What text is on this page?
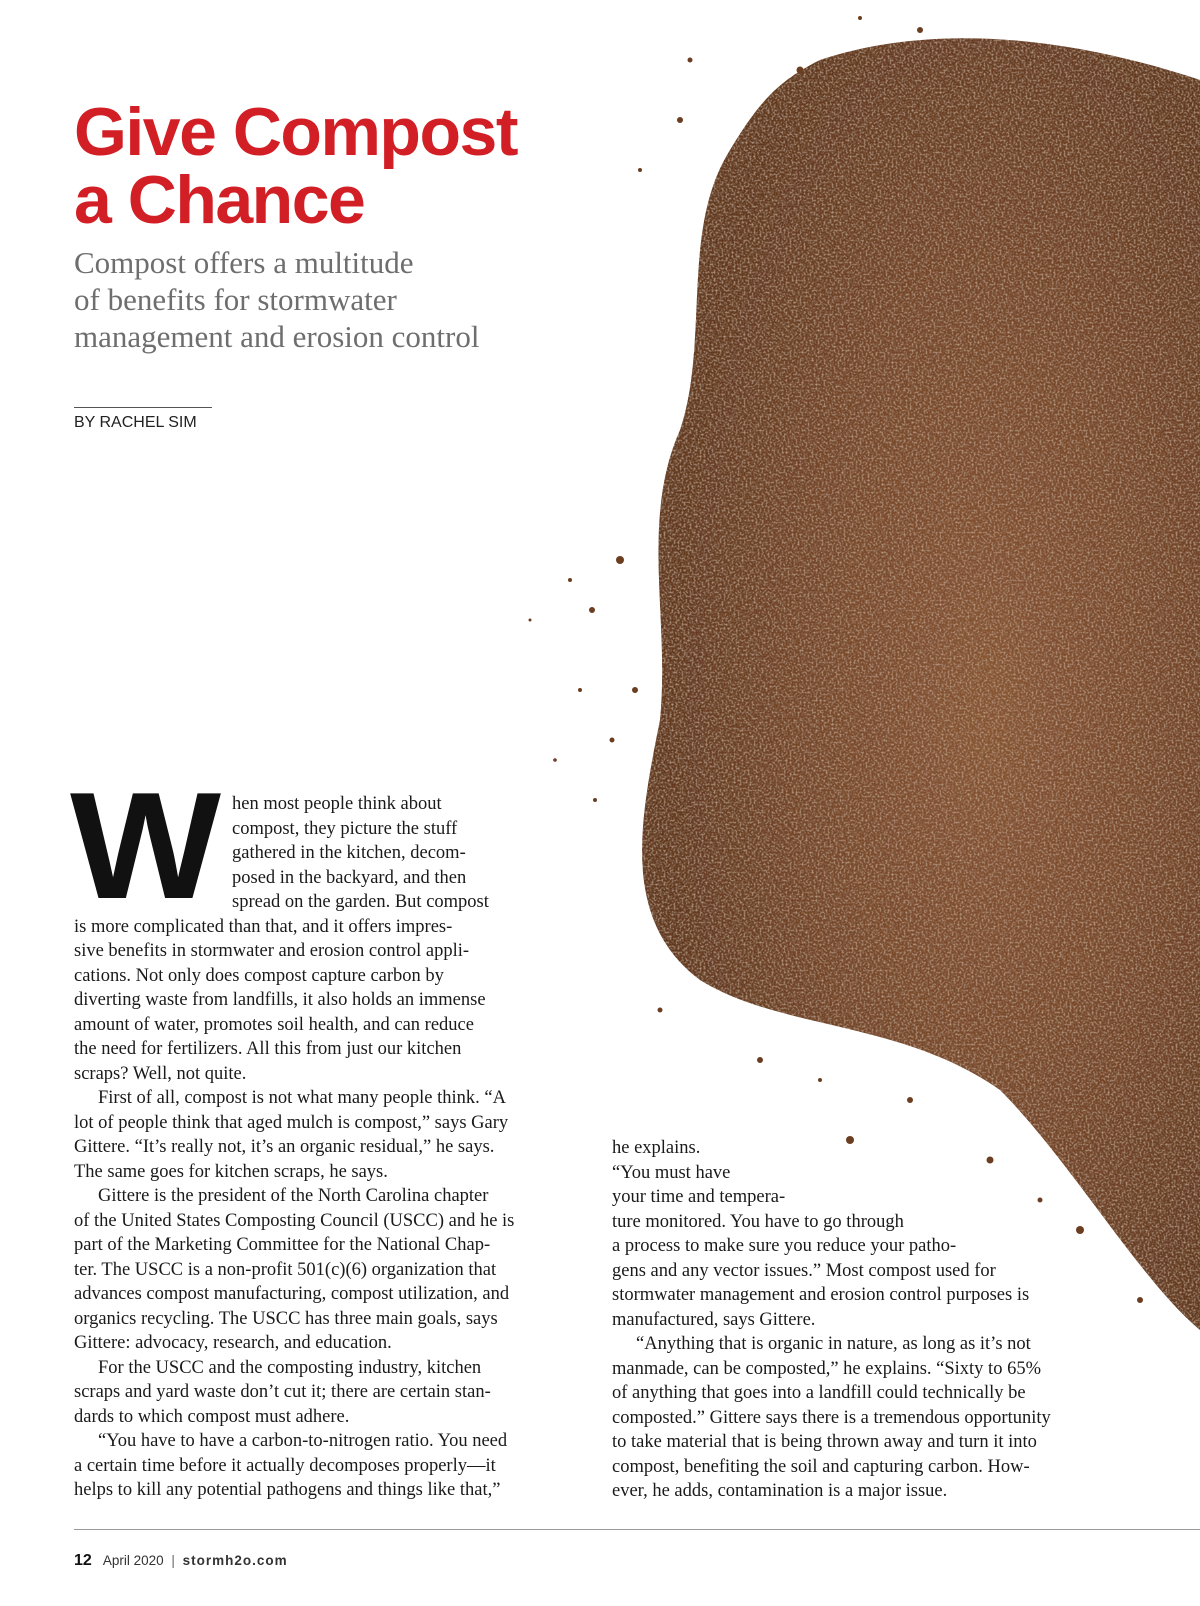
Give Compost
a Chance
Compost offers a multitude
of benefits for stormwater
management and erosion control
BY RACHEL SIM
W	hen most people think about
compost, they picture the stuff
gathered in the kitchen, decom-
posed in the backyard, and then
spread on the garden. But compost
is more complicated than that, and it offers impres-
sive benefits in stormwater and erosion control appli-
cations. Not only does compost capture carbon by
diverting waste from landfills, it also holds an immense
amount of water, promotes soil health, and can reduce
the need for fertilizers. All this from just our kitchen
scraps? Well, not quite.
First of all, compost is not what many people think. “A
lot of people think that aged mulch is compost,” says Gary
Gittere. “It’s really not, it’s an organic residual,” he says.
The same goes for kitchen scraps, he says.
Gittere is the president of the North Carolina chapter
of the United States Composting Council (USCC) and he is
part of the Marketing Committee for the National Chap-
ter. The USCC is a non-profit 501(c)(6) organization that
advances compost manufacturing, compost utilization, and
organics recycling. The USCC has three main goals, says
Gittere: advocacy, research, and education.
For the USCC and the composting industry, kitchen
scraps and yard waste don’t cut it; there are certain stan-
dards to which compost must adhere.
“You have to have a carbon-to-nitrogen ratio. You need
a certain time before it actually decomposes properly—it
helps to kill any potential pathogens and things like that,”
he explains.
“You must have
your time and tempera-
ture monitored. You have to go through
a process to make sure you reduce your patho-
gens and any vector issues.” Most compost used for
stormwater management and erosion control purposes is
manufactured, says Gittere.
“Anything that is organic in nature, as long as it’s not
manmade, can be composted,” he explains. “Sixty to 65%
of anything that goes into a landfill could technically be
composted.” Gittere says there is a tremendous opportunity
to take material that is being thrown away and turn it into
compost, benefiting the soil and capturing carbon. How-
ever, he adds, contamination is a major issue.
12 April 2020 | stormh2o.com
